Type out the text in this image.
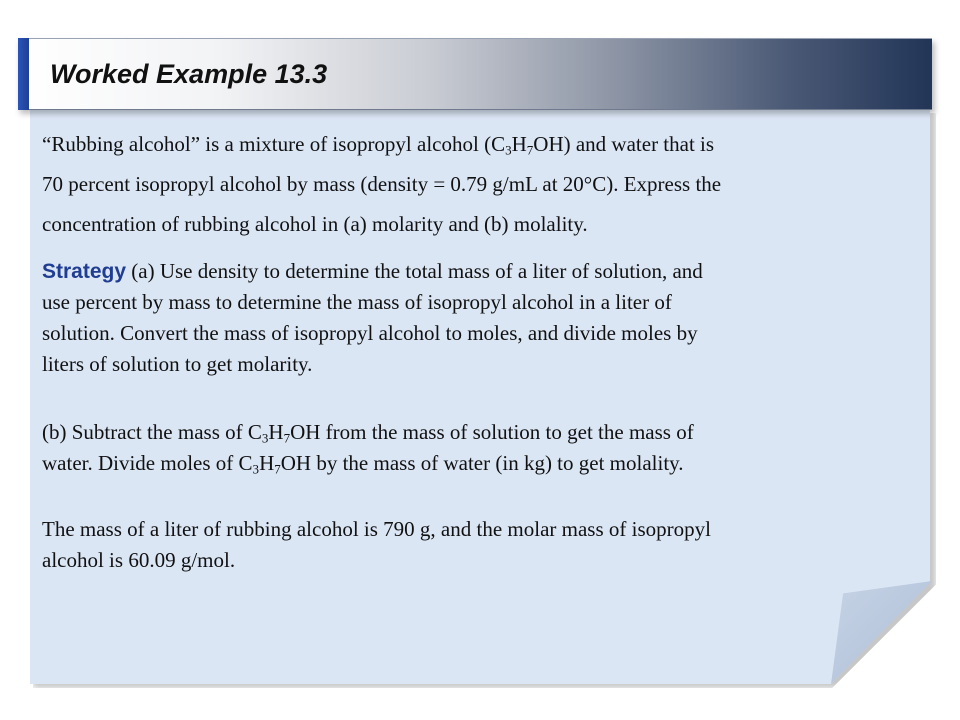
Worked Example 13.3

“Rubbing alcohol” is a mixture of isopropyl alcohol $(C_3H_7OH)$ and water that is
70 percent isopropyl alcohol by mass (density = 0.79 g/mL at 20°C). Express the
concentration of rubbing alcohol in (a) molarity and (b) molality.

Strategy (a) Use density to determine the total mass of a liter of solution, and
use percent by mass to determine the mass of isopropyl alcohol in a liter of
solution. Convert the mass of isopropyl alcohol to moles, and divide moles by
liters of solution to get molarity.

(b) Subtract the mass of $C_3H_7OH$ from the mass of solution to get the mass of
water. Divide moles of $C_3H_7OH$ by the mass of water (in kg) to get molality.

The mass of a liter of rubbing alcohol is 790 g, and the molar mass of isopropyl
alcohol is 60.09 g/mol.
